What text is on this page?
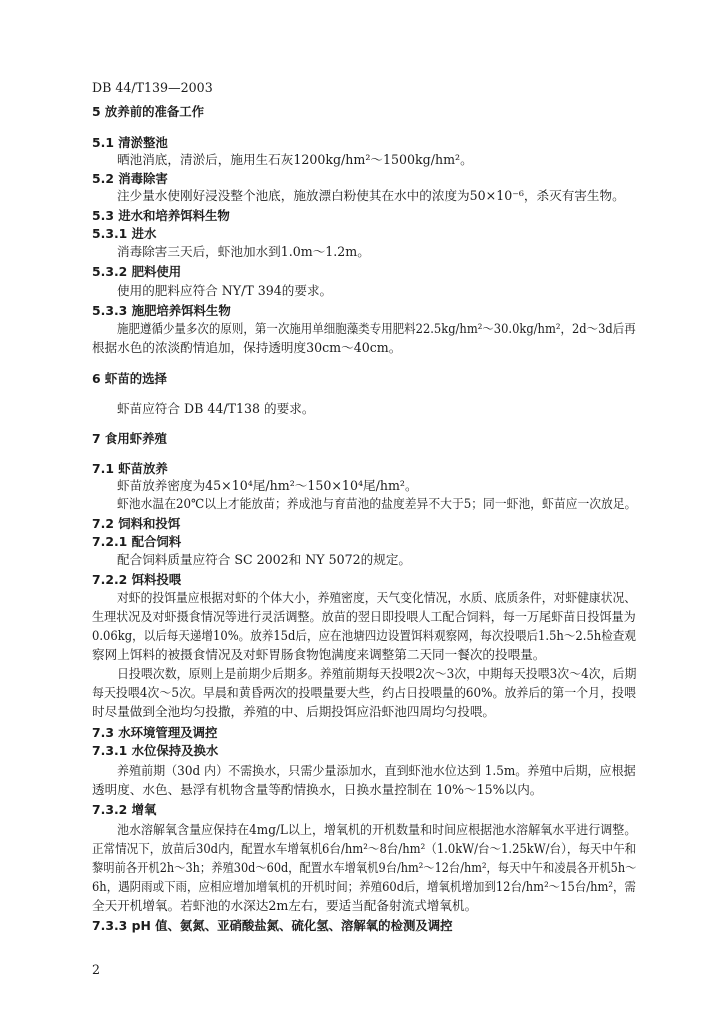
DB 44/T139—2003
5 放养前的准备工作
5.1 清淤整池
晒池消底，清淤后，施用生石灰1200kg/hm²～1500kg/hm²。
5.2 消毒除害
注少量水使刚好浸没整个池底，施放漂白粉使其在水中的浓度为50×10⁻⁶，杀灭有害生物。
5.3 进水和培养饵料生物
5.3.1 进水
消毒除害三天后，虾池加水到1.0m～1.2m。
5.3.2 肥料使用
使用的肥料应符合 NY/T 394的要求。
5.3.3 施肥培养饵料生物
施肥遵循少量多次的原则，第一次施用单细胞藻类专用肥料22.5kg/hm²～30.0kg/hm²，2d～3d后再
根据水色的浓淡酌情追加，保持透明度30cm～40cm。
6 虾苗的选择
虾苗应符合 DB 44/T138 的要求。
7 食用虾养殖
7.1 虾苗放养
虾苗放养密度为45×10⁴尾/hm²～150×10⁴尾/hm²。
虾池水温在20℃以上才能放苗；养成池与育苗池的盐度差异不大于5；同一虾池，虾苗应一次放足。
7.2 饲料和投饵
7.2.1 配合饲料
配合饲料质量应符合 SC 2002和 NY 5072的规定。
7.2.2 饵料投喂
对虾的投饵量应根据对虾的个体大小，养殖密度，天气变化情况，水质、底质条件，对虾健康状况、
生理状况及对虾摄食情况等进行灵活调整。放苗的翌日即投喂人工配合饲料，每一万尾虾苗日投饵量为
0.06kg，以后每天递增10%。放养15d后，应在池塘四边设置饵料观察网，每次投喂后1.5h～2.5h检查观
察网上饵料的被摄食情况及对虾胃肠食物饱满度来调整第二天同一餐次的投喂量。
日投喂次数，原则上是前期少后期多。养殖前期每天投喂2次～3次，中期每天投喂3次～4次，后期
每天投喂4次～5次。早晨和黄昏两次的投喂量要大些，约占日投喂量的60%。放养后的第一个月，投喂
时尽量做到全池均匀投撒，养殖的中、后期投饵应沿虾池四周均匀投喂。
7.3 水环境管理及调控
7.3.1 水位保持及换水
养殖前期（30d 内）不需换水，只需少量添加水，直到虾池水位达到 1.5m。养殖中后期，应根据
透明度、水色、悬浮有机物含量等酌情换水，日换水量控制在 10%～15%以内。
7.3.2 增氧
池水溶解氧含量应保持在4mg/L以上，增氧机的开机数量和时间应根据池水溶解氧水平进行调整。
正常情况下，放苗后30d内，配置水车增氧机6台/hm²～8台/hm²（1.0kW/台～1.25kW/台），每天中午和
黎明前各开机2h～3h；养殖30d～60d，配置水车增氧机9台/hm²～12台/hm²，每天中午和凌晨各开机5h～
6h，遇阴雨或下雨，应相应增加增氧机的开机时间；养殖60d后，增氧机增加到12台/hm²～15台/hm²，需
全天开机增氧。若虾池的水深达2m左右，要适当配备射流式增氧机。
7.3.3 pH 值、氨氮、亚硝酸盐氮、硫化氢、溶解氧的检测及调控
2
